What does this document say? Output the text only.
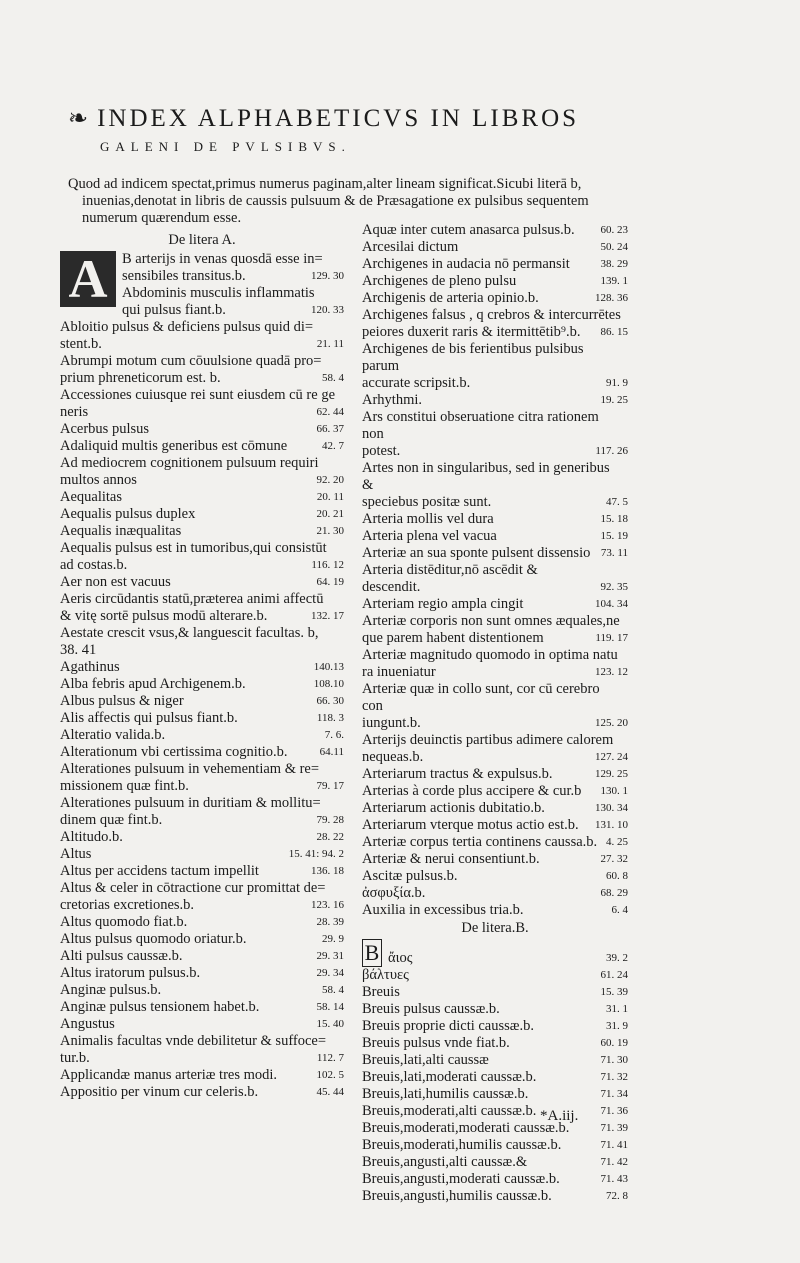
❧ INDEX ALPHABETICVS IN LIBROS
GALENI DE PVLSIBVS.

Quod ad indicem spectat,primus numerus paginam,alter lineam significat.Sicubi literā b,

inuenias,denotat in libris de caussis pulsuum & de Præsagatione ex pulsibus sequentem

numerum quærendum esse.

De litera A.
A	B arterijs in venas quosdā esse in=
sensibiles transitus.b.	129. 30
Abdominis musculis inflammatis
qui pulsus fiant.b.	120. 33
Abloitio pulsus & deficiens pulsus quid di=
stent.b.	21. 11
Abrumpi motum cum cōuulsione quadā pro=
prium phreneticorum est. b.	58. 4
Accessiones cuiusque rei sunt eiusdem cū re ge
neris	62. 44
Acerbus pulsus	66. 37
Adaliquid multis generibus est cōmune	42. 7
Ad mediocrem cognitionem pulsuum requiri
multos annos	92. 20
Aequalitas	20. 11
Aequalis pulsus duplex	20. 21
Aequalis inæqualitas	21. 30
Aequalis pulsus est in tumoribus,qui consistūt
ad costas.b.	116. 12
Aer non est vacuus	64. 19
Aeris circūdantis statū,præterea animi affectū
& vitę sortē pulsus modū alterare.b.	132. 17
Aestate crescit vsus,& languescit facultas. b,
38. 41
Agathinus	140.13
Alba febris apud Archigenem.b.	108.10
Albus pulsus & niger	66. 30
Alis affectis qui pulsus fiant.b.	118. 3
Alteratio valida.b.	7. 6.
Alterationum vbi certissima cognitio.b.	64.11
Alterationes pulsuum in vehementiam & re=
missionem quæ fint.b.	79. 17
Alterationes pulsuum in duritiam & mollitu=
dinem quæ fint.b.	79. 28
Altitudo.b.	28. 22
Altus	15. 41: 94. 2
Altus per accidens tactum impellit	136. 18
Altus & celer in cōtractione cur promittat de=
cretorias excretiones.b.	123. 16
Altus quomodo fiat.b.	28. 39
Altus pulsus quomodo oriatur.b.	29. 9
Alti pulsus caussæ.b.	29. 31
Altus iratorum pulsus.b.	29. 34
Anginæ pulsus.b.	58. 4
Anginæ pulsus tensionem habet.b.	58. 14
Angustus	15. 40
Animalis facultas vnde debilitetur & suffoce=
tur.b.	112. 7
Applicandæ manus arteriæ tres modi.	102. 5
Appositio per vinum cur celeris.b.	45. 44
Aquæ inter cutem anasarca pulsus.b.	60. 23
Arcesilai dictum	50. 24
Archigenes in audacia nō permansit	38. 29
Archigenes de pleno pulsu	139. 1
Archigenis de arteria opinio.b.	128. 36
Archigenes falsus , q crebros & intercurrētes
peiores duxerit raris & itermittētib⁹.b.	86. 15
Archigenes de bis ferientibus pulsibus parum
accurate scripsit.b.	91. 9
Arhythmi.	19. 25
Ars constitui obseruatione citra rationem non
potest.	117. 26
Artes non in singularibus, sed in generibus &
speciebus positæ sunt.	47. 5
Arteria mollis vel dura	15. 18
Arteria plena vel vacua	15. 19
Arteriæ an sua sponte pulsent dissensio 73. 11
Arteria distēditur,nō ascēdit & descendit.	92. 35
Arteriam regio ampla cingit	104. 34
Arteriæ corporis non sunt omnes æquales,ne
que parem habent distentionem	119. 17
Arteriæ magnitudo quomodo in optima natu
ra inueniatur	123. 12
Arteriæ quæ in collo sunt, cor cū cerebro con
iungunt.b.	125. 20
Arterijs deuinctis partibus adimere calorem
nequeas.b.	127. 24
Arteriarum tractus & expulsus.b.	129. 25
Arterias à corde plus accipere & cur.b	130. 1
Arteriarum actionis dubitatio.b.	130. 34
Arteriarum vterque motus actio est.b.	131. 10
Arteriæ corpus tertia continens caussa.b. 4. 25
Arteriæ & nerui consentiunt.b.	27. 32
Ascitæ pulsus.b.	60. 8
ἀσφυξία.b.	68. 29
Auxilia in excessibus tria.b.	6. 4
De litera.B.
B ἄιος	39. 2
βάλτυες	61. 24
Breuis	15. 39
Breuis pulsus caussæ.b.	31. 1
Breuis proprie dicti caussæ.b.	31. 9
Breuis pulsus vnde fiat.b.	60. 19
Breuis,lati,alti caussæ	71. 30
Breuis,lati,moderati caussæ.b.	71. 32
Breuis,lati,humilis caussæ.b.	71. 34
Breuis,moderati,alti caussæ.b.	71. 36
Breuis,moderati,moderati caussæ.b.	71. 39
Breuis,moderati,humilis caussæ.b.	71. 41
Breuis,angusti,alti caussæ.&	71. 42
Breuis,angusti,moderati caussæ.b.	71. 43
Breuis,angusti,humilis caussæ.b.	72. 8
*A.iij.
